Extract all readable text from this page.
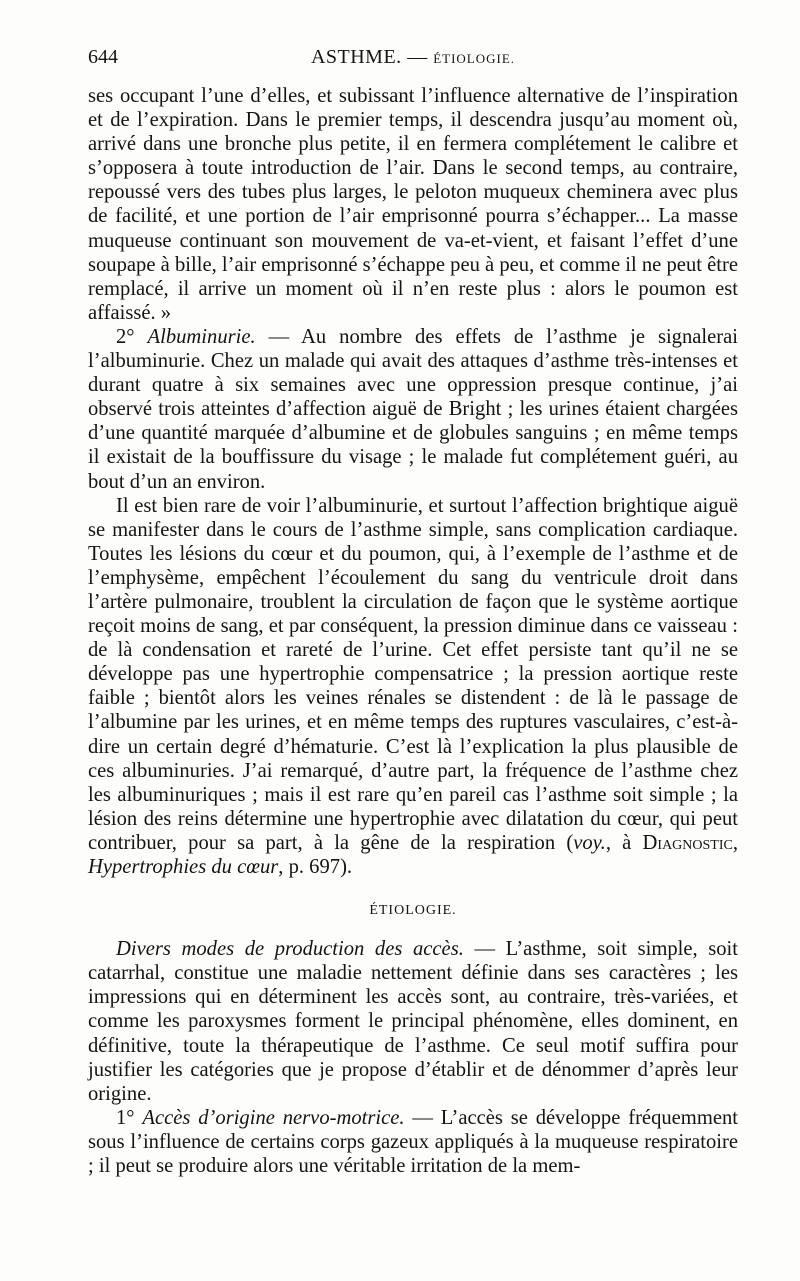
644	ASTHME. — ÉTIOLOGIE.

ses occupant l’une d’elles, et subissant l’influence alternative de l’inspiration et de l’expiration. Dans le premier temps, il descendra jusqu’au moment où, arrivé dans une bronche plus petite, il en fermera complétement le calibre et s’opposera à toute introduction de l’air. Dans le second temps, au contraire, repoussé vers des tubes plus larges, le peloton muqueux cheminera avec plus de facilité, et une portion de l’air emprisonné pourra s’échapper... La masse muqueuse continuant son mouvement de va-et-vient, et faisant l’effet d’une soupape à bille, l’air emprisonné s’échappe peu à peu, et comme il ne peut être remplacé, il arrive un moment où il n’en reste plus : alors le poumon est affaissé. »

2° Albuminurie. — Au nombre des effets de l’asthme je signalerai l’albuminurie. Chez un malade qui avait des attaques d’asthme très-intenses et durant quatre à six semaines avec une oppression presque continue, j’ai observé trois atteintes d’affection aiguë de Bright ; les urines étaient chargées d’une quantité marquée d’albumine et de globules sanguins ; en même temps il existait de la bouffissure du visage ; le malade fut complétement guéri, au bout d’un an environ.

Il est bien rare de voir l’albuminurie, et surtout l’affection brightique aiguë se manifester dans le cours de l’asthme simple, sans complication cardiaque. Toutes les lésions du cœur et du poumon, qui, à l’exemple de l’asthme et de l’emphysème, empêchent l’écoulement du sang du ventricule droit dans l’artère pulmonaire, troublent la circulation de façon que le système aortique reçoit moins de sang, et par conséquent, la pression diminue dans ce vaisseau : de là condensation et rareté de l’urine. Cet effet persiste tant qu’il ne se développe pas une hypertrophie compensatrice ; la pression aortique reste faible ; bientôt alors les veines rénales se distendent : de là le passage de l’albumine par les urines, et en même temps des ruptures vasculaires, c’est-à-dire un certain degré d’hématurie. C’est là l’explication la plus plausible de ces albuminuries. J’ai remarqué, d’autre part, la fréquence de l’asthme chez les albuminuriques ; mais il est rare qu’en pareil cas l’asthme soit simple ; la lésion des reins détermine une hypertrophie avec dilatation du cœur, qui peut contribuer, pour sa part, à la gêne de la respiration (voy., à Diagnostic, Hypertrophies du cœur, p. 697).

ÉTIOLOGIE.

Divers modes de production des accès. — L’asthme, soit simple, soit catarrhal, constitue une maladie nettement définie dans ses caractères ; les impressions qui en déterminent les accès sont, au contraire, très-variées, et comme les paroxysmes forment le principal phénomène, elles dominent, en définitive, toute la thérapeutique de l’asthme. Ce seul motif suffira pour justifier les catégories que je propose d’établir et de dénommer d’après leur origine.

1° Accès d’origine nervo-motrice. — L’accès se développe fréquemment sous l’influence de certains corps gazeux appliqués à la muqueuse respiratoire ; il peut se produire alors une véritable irritation de la mem-
